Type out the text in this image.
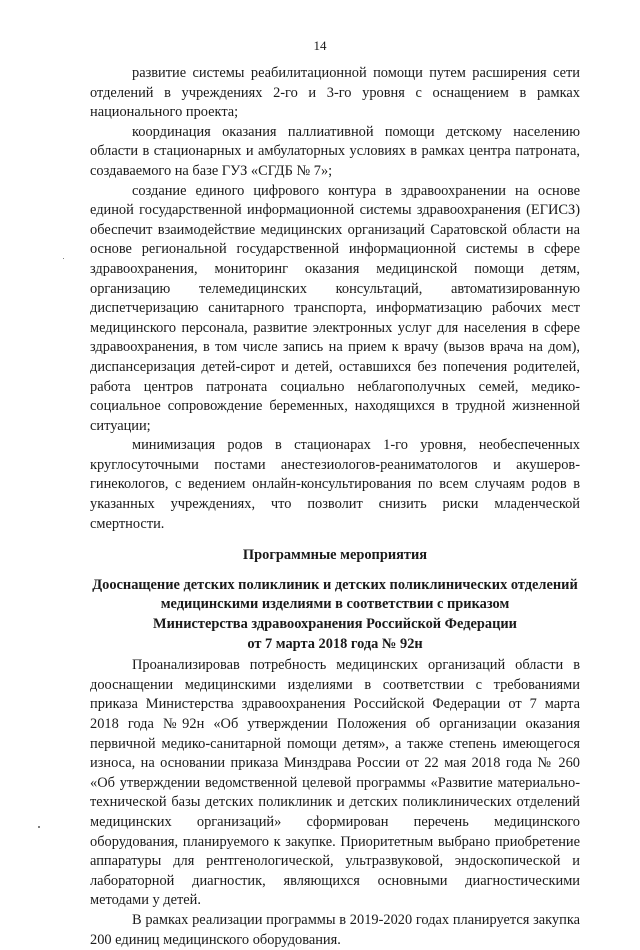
14

развитие системы реабилитационной помощи путем расширения сети отделений в учреждениях 2-го и 3-го уровня с оснащением в рамках национального проекта;

координация оказания паллиативной помощи детскому населению области в стационарных и амбулаторных условиях в рамках центра патроната, создаваемого на базе ГУЗ «СГДБ № 7»;

создание единого цифрового контура в здравоохранении на основе единой государственной информационной системы здравоохранения (ЕГИСЗ) обеспечит взаимодействие медицинских организаций Саратовской области на основе региональной государственной информационной системы в сфере здравоохранения, мониторинг оказания медицинской помощи детям, организацию телемедицинских консультаций, автоматизированную диспетчеризацию санитарного транспорта, информатизацию рабочих мест медицинского персонала, развитие электронных услуг для населения в сфере здравоохранения, в том числе запись на прием к врачу (вызов врача на дом), диспансеризация детей-сирот и детей, оставшихся без попечения родителей, работа центров патроната социально неблагополучных семей, медико-социальное сопровождение беременных, находящихся в трудной жизненной ситуации;

минимизация родов в стационарах 1-го уровня, необеспеченных круглосуточными постами анестезиологов-реаниматологов и акушеров-гинекологов, с ведением онлайн-консультирования по всем случаям родов в указанных учреждениях, что позволит снизить риски младенческой смертности.

Программные мероприятия
Дооснащение детских поликлиник и детских поликлинических отделений
медицинскими изделиями в соответствии с приказом
Министерства здравоохранения Российской Федерации
от 7 марта 2018 года № 92н

Проанализировав потребность медицинских организаций области в дооснащении медицинскими изделиями в соответствии с требованиями приказа Министерства здравоохранения Российской Федерации от 7 марта 2018 года №92н «Об утверждении Положения об организации оказания первичной медико-санитарной помощи детям», а также степень имеющегося износа, на основании приказа Минздрава России от 22 мая 2018 года № 260 «Об утверждении ведомственной целевой программы «Развитие материально-технической базы детских поликлиник и детских поликлинических отделений медицинских организаций» сформирован перечень медицинского оборудования, планируемого к закупке. Приоритетным выбрано приобретение аппаратуры для рентгенологической, ультразвуковой, эндоскопической и лабораторной диагностик, являющихся основными диагностическими методами у детей.

В рамках реализации программы в 2019-2020 годах планируется закупка 200 единиц медицинского оборудования.
